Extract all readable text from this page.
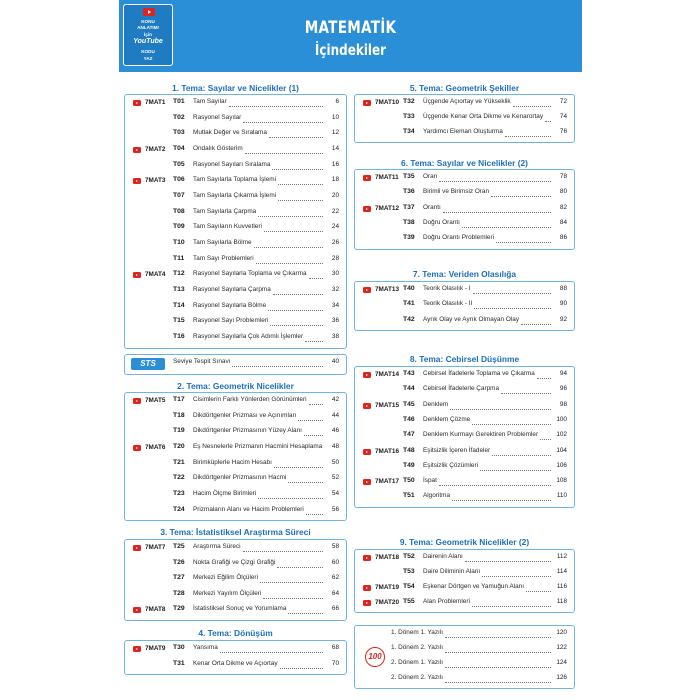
MATEMATİK
İçindekiler
KONU
ANLATIMI
İçin
YouTube
KODU
YAZ
1. Tema: Sayılar ve Nicelikler (1)
7MAT1 T01 Tam Sayılar	6
T02 Rasyonel Sayılar	10
T03 Mutlak Değer ve Sıralama	12
7MAT2 T04 Ondalık Gösterim	14
T05 Rasyonel Sayıları Sıralama	16
7MAT3 T06 Tam Sayılarla Toplama İşlemi	18
T07 Tam Sayılarla Çıkarma İşlemi	20
T08 Tam Sayılarla Çarpma	22
T09 Tam Sayıların Kuvvetleri	24
T10 Tam Sayılarla Bölme	26
T11 Tam Sayı Problemleri	28
7MAT4 T12 Rasyonel Sayılarla Toplama ve Çıkarma	30
T13 Rasyonel Sayılarla Çarpma	32
T14 Rasyonel Sayılarla Bölme	34
T15 Rasyonel Sayı Problemleri	36
T16 Rasyonel Sayılarla Çok Adımlı İşlemler	38
STS	Seviye Tespit Sınavı	40
2. Tema: Geometrik Nicelikler
7MAT5 T17 Cisimlerin Farklı Yönlerden Görünümleri	42
T18 Dikdörtgenler Prizması ve Açınımları	44
T19 Dikdörtgenler Prizmasının Yüzey Alanı	46
7MAT6 T20 Eş Nesnelerle Prizmanın Hacmini Hesaplama	48
T21 Birimküplerle Hacim Hesabı	50
T22 Dikdörtgenler Prizmasının Hacmi	52
T23 Hacim Ölçme Birimleri	54
T24 Prizmaların Alanı ve Hacim Problemleri	56
3. Tema: İstatistiksel Araştırma Süreci
7MAT7 T25 Araştırma Süreci	58
T26 Nokta Grafiği ve Çizgi Grafiği	60
T27 Merkezi Eğilim Ölçüleri	62
T28 Merkezi Yayılım Ölçüleri	64
7MAT8 T29 İstatistiksel Sonuç ve Yorumlama	66
4. Tema: Dönüşüm
7MAT9 T30 Yansıma	68
T31 Kenar Orta Dikme ve Açıortay	70
5. Tema: Geometrik Şekiller
7MAT10 T32 Üçgende Açıortay ve Yükseklik	72
T33 Üçgende Kenar Orta Dikme ve Kenarortay	74
T34 Yardımcı Eleman Oluşturma	76
6. Tema: Sayılar ve Nicelikler (2)
7MAT11 T35 Oran	78
T36 Birimli ve Birimsiz Oran	80
7MAT12 T37 Orantı	82
T38 Doğru Orantı	84
T39 Doğru Orantı Problemleri	86
7. Tema: Veriden Olasılığa
7MAT13 T40 Teorik Olasılık - I	88
T41 Teorik Olasılık - II	90
T42 Ayrık Olay ve Ayrık Olmayan Olay	92
8. Tema: Cebirsel Düşünme
7MAT14 T43 Cebirsel İfadelerle Toplama ve Çıkarma	94
T44 Cebirsel İfadelerle Çarpma	96
7MAT15 T45 Denklem	98
T46 Denklem Çözme	100
T47 Denklem Kurmayı Gerektiren Problemler	102
7MAT16 T48 Eşitsizlik İçeren İfadeler	104
T49 Eşitsizlik Çözümleri	106
7MAT17 T50 İspat	108
T51 Algoritma	110
9. Tema: Geometrik Nicelikler (2)
7MAT18 T52 Dairenin Alanı	112
T53 Daire Diliminin Alanı	114
7MAT19 T54 Eşkenar Dörtgen ve Yamuğun Alanı	116
7MAT20 T55 Alan Problemleri	118
100
1. Dönem 1. Yazılı	120
1. Dönem 2. Yazılı	122
2. Dönem 1. Yazılı	124
2. Dönem 2. Yazılı	126
